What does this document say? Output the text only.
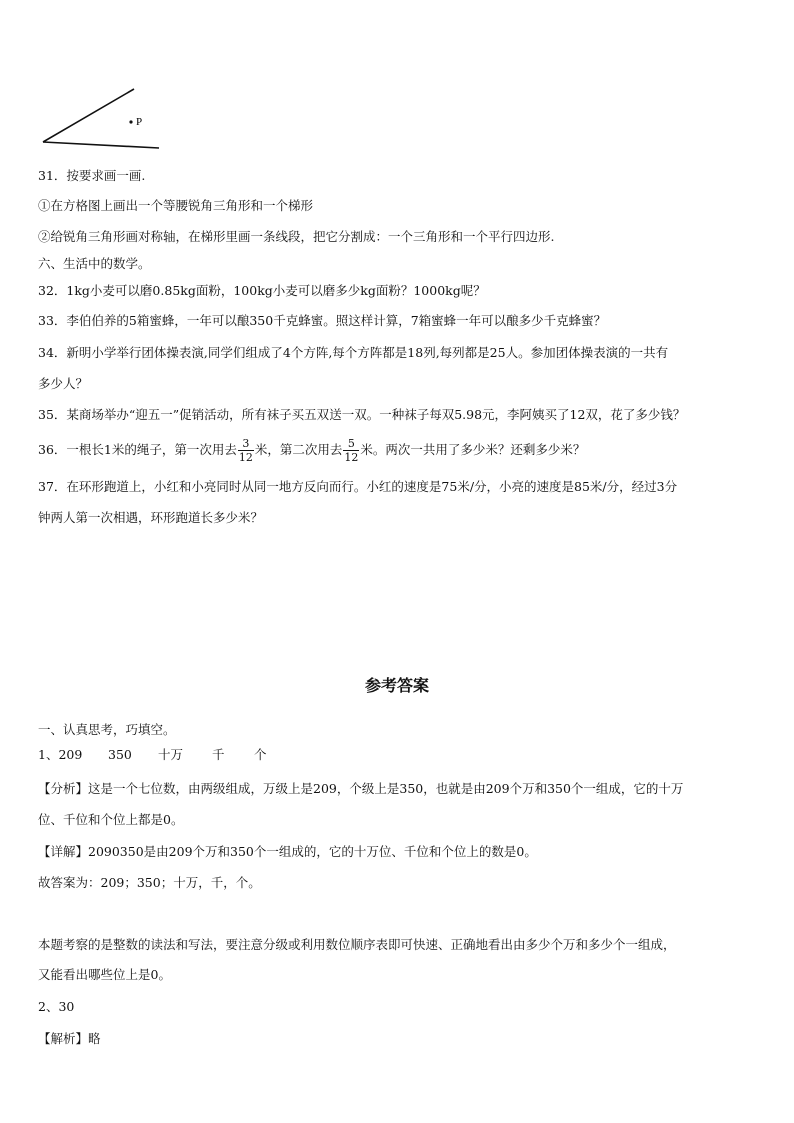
P
31．按要求画一画.
①在方格图上画出一个等腰锐角三角形和一个梯形
②给锐角三角形画对称轴，在梯形里画一条线段，把它分割成：一个三角形和一个平行四边形.
六、生活中的数学。
32．1kg小麦可以磨0.85kg面粉，100kg小麦可以磨多少kg面粉？1000kg呢？
33．李伯伯养的5箱蜜蜂，一年可以酿350千克蜂蜜。照这样计算，7箱蜜蜂一年可以酿多少千克蜂蜜？
34．新明小学举行团体操表演,同学们组成了4个方阵,每个方阵都是18列,每列都是25人。参加团体操表演的一共有
多少人？
35．某商场举办“迎五一”促销活动，所有袜子买五双送一双。一种袜子每双5.98元，李阿姨买了12双，花了多少钱？
36．一根长1米的绳子，第一次用去 $\frac{3}{12}$ 米，第二次用去 $\frac{5}{12}$ 米。两次一共用了多少米？还剩多少米？
37．在环形跑道上，小红和小亮同时从同一地方反向而行。小红的速度是75米/分，小亮的速度是85米/分，经过3分
钟两人第一次相遇，环形跑道长多少米？
参考答案
一、认真思考，巧填空。
1、209 350 十万 千 个
【分析】这是一个七位数，由两级组成，万级上是209，个级上是350，也就是由209个万和350个一组成，它的十万
位、千位和个位上都是0。
【详解】2090350是由209个万和350个一组成的，它的十万位、千位和个位上的数是0。
故答案为：209；350；十万，千，个。
本题考察的是整数的读法和写法，要注意分级或利用数位顺序表即可快速、正确地看出由多少个万和多少个一组成，
又能看出哪些位上是0。
2、30
【解析】略
